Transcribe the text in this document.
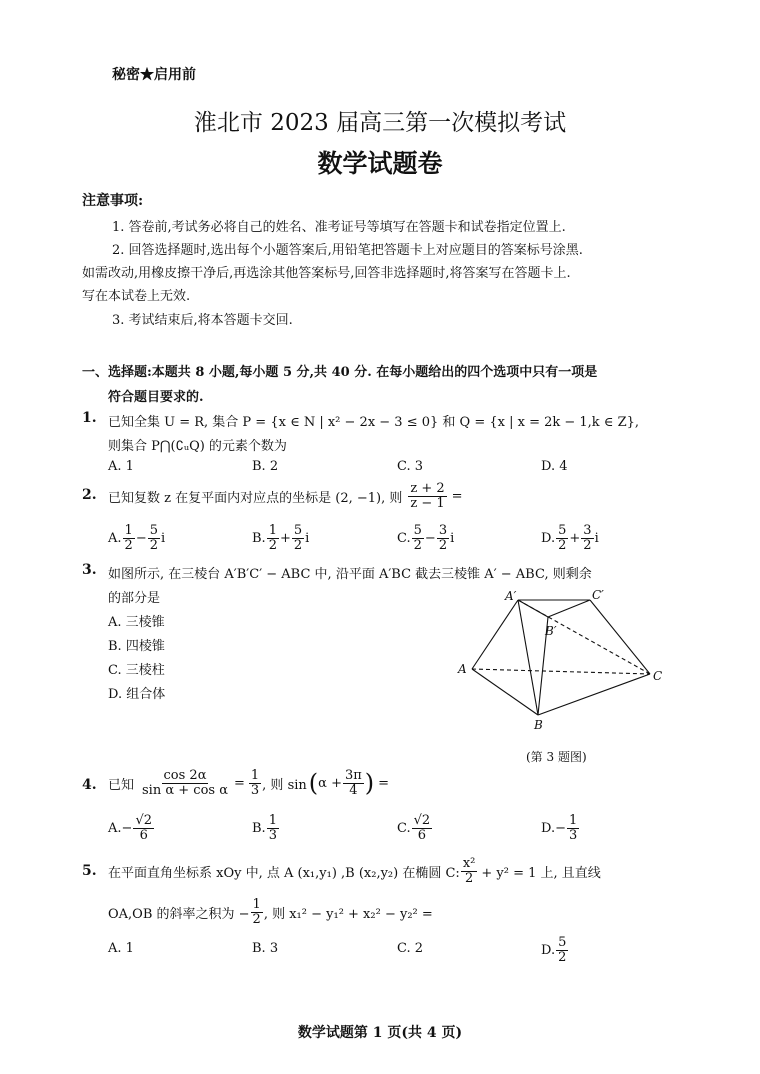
秘密★启用前
淮北市 2023 届高三第一次模拟考试
数学试题卷
注意事项:
1. 答卷前,考试务必将自己的姓名、准考证号等填写在答题卡和试卷指定位置上.
2. 回答选择题时,选出每个小题答案后,用铅笔把答题卡上对应题目的答案标号涂黑.
如需改动,用橡皮擦干净后,再选涂其他答案标号,回答非选择题时,将答案写在答题卡上.
写在本试卷上无效.
3. 考试结束后,将本答题卡交回.
一、选择题:本题共 8 小题,每小题 5 分,共 40 分. 在每小题给出的四个选项中只有一项是
符合题目要求的.
1. 已知全集 U = R, 集合 P = {x ∈ N | x² − 2x − 3 ≤ 0} 和 Q = {x | x = 2k − 1,k ∈ Z},
则集合 P⋂(∁ᵤQ) 的元素个数为
A. 1	B. 2	C. 3	D. 4
2. 已知复数 z 在复平面内对应点的坐标是 (2, −1), 则 $\frac{z + 2}{z - 1}$ =
A. $\frac{1}{2} - \frac{5}{2}$ i	B. $\frac{1}{2} + \frac{5}{2}$ i	C. $\frac{5}{2} - \frac{3}{2}$ i	D. $\frac{5}{2} + \frac{3}{2}$ i
3. 如图所示, 在三棱台 A′B′C′ − ABC 中, 沿平面 A′BC 截去三棱锥 A′ − ABC, 则剩余
的部分是
A. 三棱锥
B. 四棱锥
C. 三棱柱
D. 组合体
A′	C′
B′
A
B
C
(第 3 题图)
4. 已知 $\frac{\cos 2\alpha}{\text{sin α + cos α}} = \frac{1}{3}$ , 则 sin ( $\alpha + \frac{3\pi}{4}$ ) =
A. − $\frac{√2}{6}$	B. $\frac{1}{3}$	C. $\frac{√2}{6}$	D. − $\frac{1}{3}$
5. 在平面直角坐标系 xOy 中, 点 A (x₁,y₁) ,B (x₂,y₂) 在椭圆 C: $\frac{\text{x²}}{2} + y^2 = 1$ 上, 且直线
OA,OB 的斜率之积为 − $\frac{1}{2}$ , 则 x₁² − y₁² + x₂² − y₂² =
A. 1	B. 3	C. 2	D. $\frac{5}{2}$
数学试题第 1 页(共 4 页)
